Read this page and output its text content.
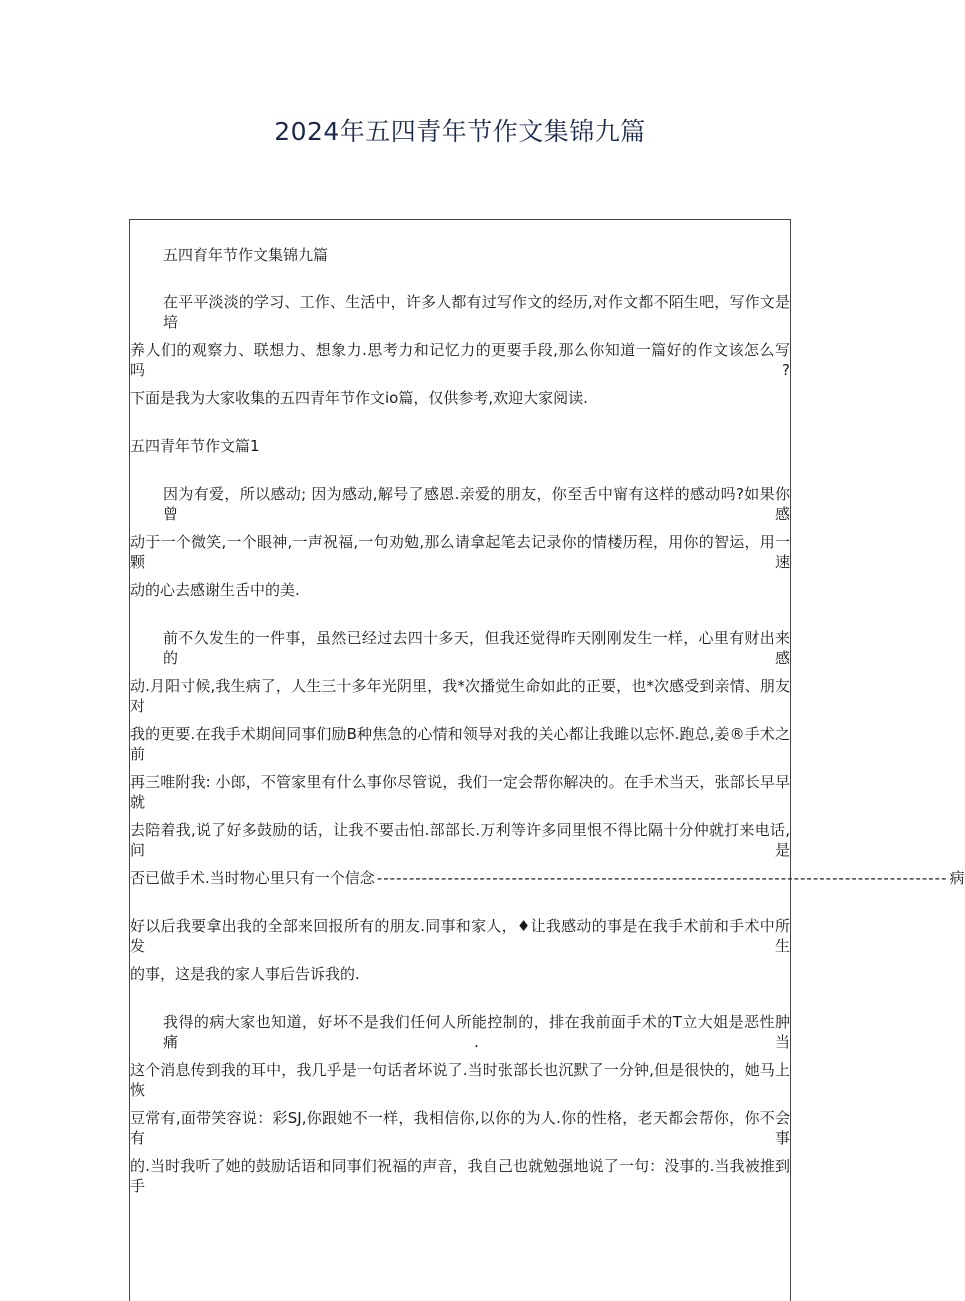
2024年五四青年节作文集锦九篇
五四育年节作文集锦九篇
在平平淡淡的学习、工作、生活中，许多人都有过写作文的经历,对作文都不陌生吧，写作文是培
养人们的观察力、联想力、想象力.思考力和记忆力的更要手段,那么你知道一篇好的作文该怎么写吗?
下面是我为大家收集的五四青年节作文io篇，仅供参考,欢迎大家阅读.
五四青年节作文篇1
因为有爱，所以感动; 因为感动,解号了感恩.亲爱的朋友，你至舌中甯有这样的感动吗?如果你曾感
动于一个微笑,一个眼神,一声祝福,一句劝勉,那么请拿起笔去记录你的情楼历程，用你的智运，用一颗速
动的心去感谢生舌中的美.
前不久发生的一件事，虽然已经过去四十多天，但我还觉得昨天刚刚发生一样，心里有财出来的感
动.月阳寸候,我生病了，人生三十多年光阴里，我*次播觉生命如此的正要，也*次感受到亲情、朋友对
我的更要.在我手术期间同事们励B种焦急的心情和领导对我的关心都让我雎以忘怀.跑总,姜®手术之前
再三唯附我: 小郎，不管家里有什么事你尽管说，我们一定会帮你解决的。在手术当天，张部长早早就
去陪着我,说了好多鼓励的话，让我不要击怕.部部长.万利等许多同里恨不得比隔十分仲就打来电话,问是
否已做手术.当时物心里只有一个信念 ----------------------------------------------------------------------------------------- 病
好以后我要拿出我的全部来回报所有的朋友.同事和家人，♦让我感动的事是在我手术前和手术中所发生
的事，这是我的家人事后告诉我的.
我得的病大家也知道，好坏不是我们任何人所能控制的，排在我前面手术的T立大姐是恶性肿痛.当
这个消息传到我的耳中，我几乎是一句话者坏说了.当时张部长也沉默了一分钟,但是很快的，她马上恢
豆常有,面带笑容说：彩SJ,你跟她不一样，我相信你,以你的为人.你的性格，老天都会帮你，你不会有事
的.当时我听了她的鼓励话语和同事们祝福的声音，我自己也就勉强地说了一句：没事的.当我被推到手
